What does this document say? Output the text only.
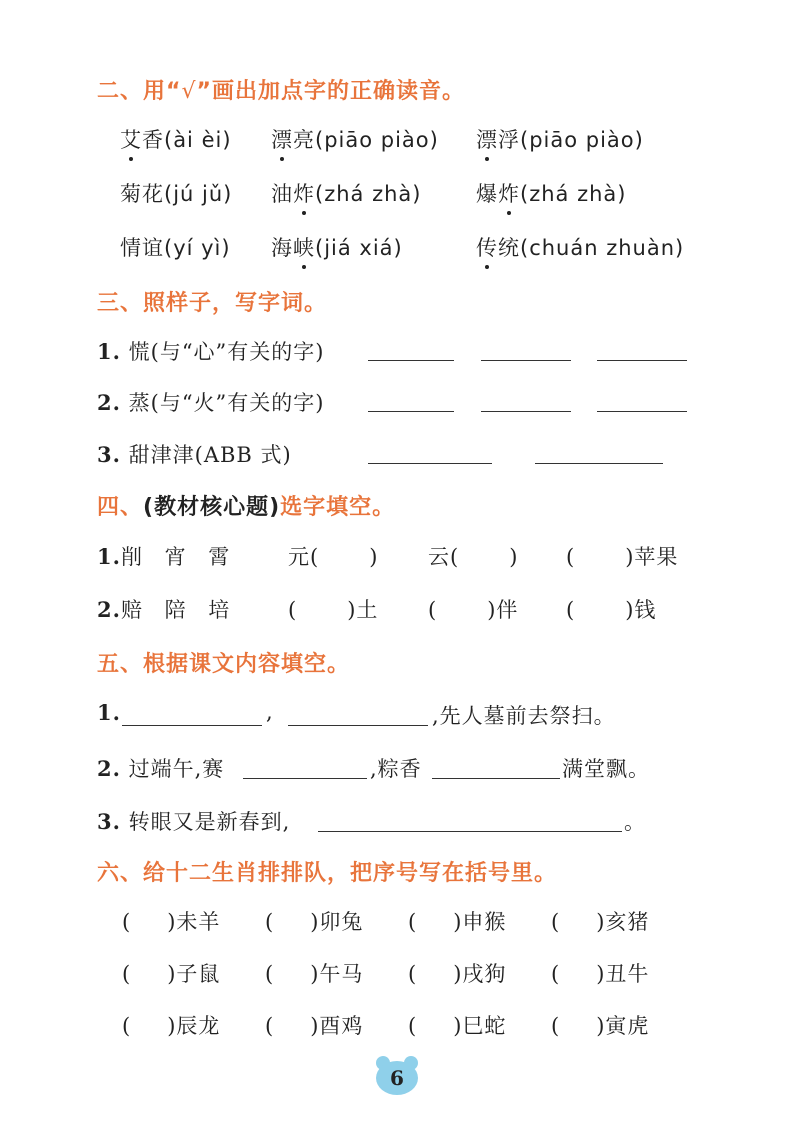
二、用“√”画出加点字的正确读音。
艾香(ài èi) 漂亮(piāo piào) 漂浮(piāo piào)
菊花(jú jǔ) 油炸(zhá zhà)	爆炸(zhá zhà)
情谊(yí yì) 海峡(jiá xiá)	传统(chuán zhuàn)
三、照样子，写字词。
1. 慌(与“心”有关的字)
2. 蒸(与“火”有关的字)
3. 甜津津(ABB 式)
四、(教材核心题)选字填空。
1.削 宵 霄 元( ) 云( ) ( )苹果
2.赔 陪 培 ( )土 ( )伴 ( )钱
五、根据课文内容填空。
1.	,	,先人墓前去祭扫。
2. 过端午,赛	,粽香	满堂飘。
3. 转眼又是新春到,	。
六、给十二生肖排排队，把序号写在括号里。
( )未羊 ( )卯兔 ( )申猴 ( )亥猪
( )子鼠 ( )午马 ( )戌狗 ( )丑牛
( )辰龙 ( )酉鸡 ( )巳蛇 ( )寅虎
6
